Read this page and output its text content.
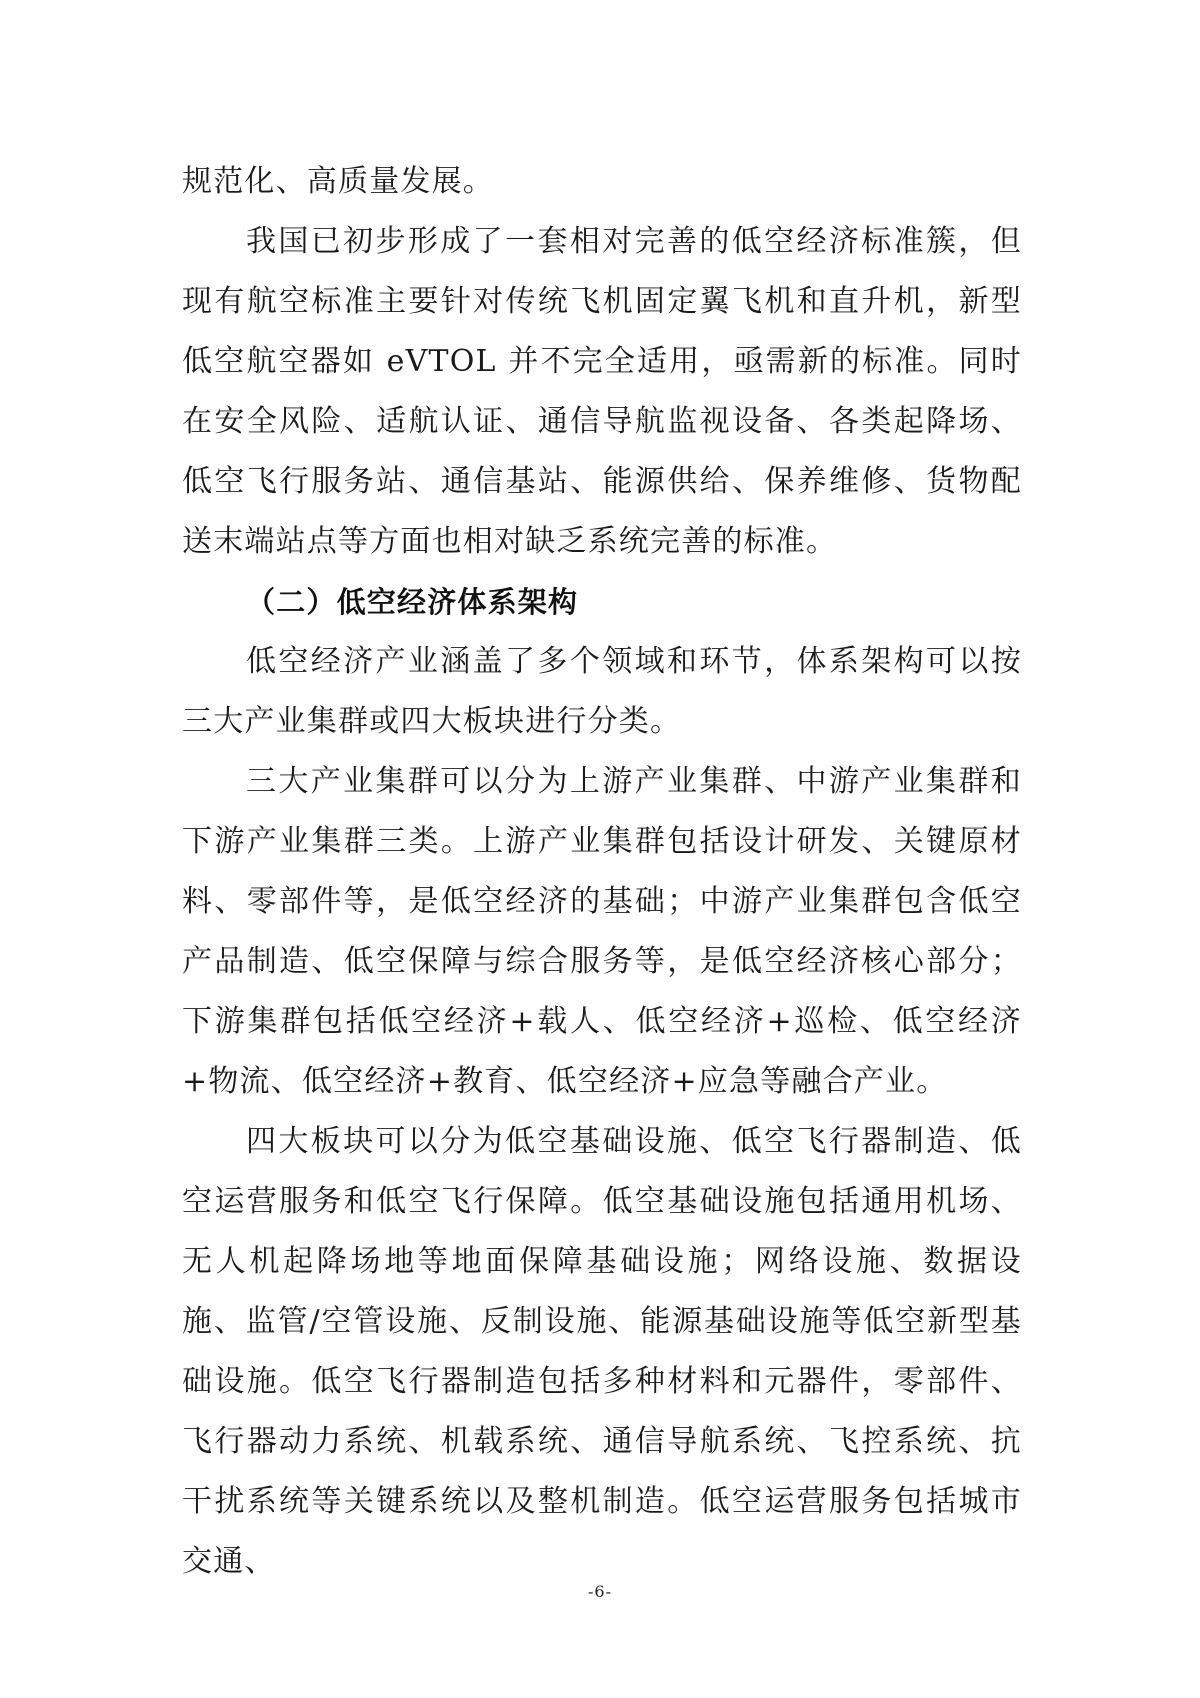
规范化、高质量发展。

我国已初步形成了一套相对完善的低空经济标准簇，但现有航空标准主要针对传统飞机固定翼飞机和直升机，新型低空航空器如 eVTOL 并不完全适用，亟需新的标准。同时在安全风险、适航认证、通信导航监视设备、各类起降场、低空飞行服务站、通信基站、能源供给、保养维修、货物配送末端站点等方面也相对缺乏系统完善的标准。

（二）低空经济体系架构

低空经济产业涵盖了多个领域和环节，体系架构可以按三大产业集群或四大板块进行分类。

三大产业集群可以分为上游产业集群、中游产业集群和下游产业集群三类。上游产业集群包括设计研发、关键原材料、零部件等，是低空经济的基础；中游产业集群包含低空产品制造、低空保障与综合服务等，是低空经济核心部分；下游集群包括低空经济+载人、低空经济+巡检、低空经济+物流、低空经济+教育、低空经济+应急等融合产业。

四大板块可以分为低空基础设施、低空飞行器制造、低空运营服务和低空飞行保障。低空基础设施包括通用机场、无人机起降场地等地面保障基础设施；网络设施、数据设施、监管/空管设施、反制设施、能源基础设施等低空新型基础设施。低空飞行器制造包括多种材料和元器件，零部件、飞行器动力系统、机载系统、通信导航系统、飞控系统、抗干扰系统等关键系统以及整机制造。低空运营服务包括城市交通、

-6-
